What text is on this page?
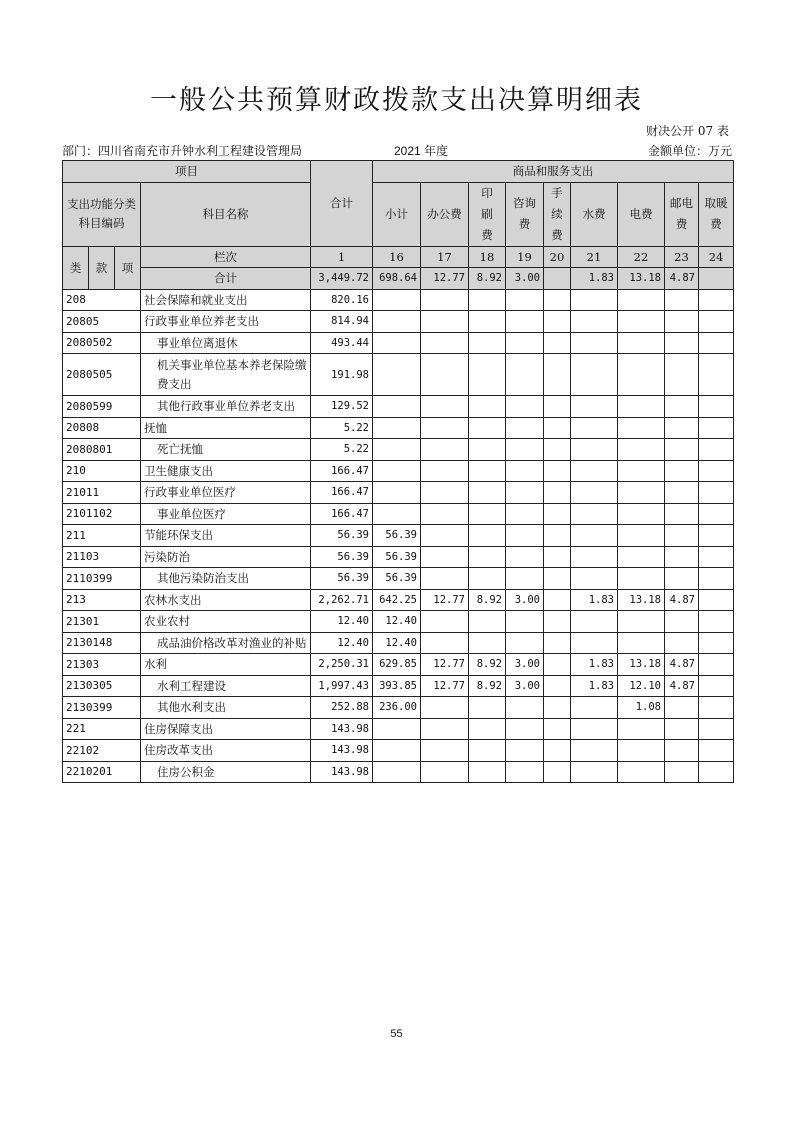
一般公共预算财政拨款支出决算明细表
财决公开 07 表
部门：四川省南充市升钟水利工程建设管理局	2021 年度	金额单位：万元
项目				合计	商品和服务支出								
支出功能分类
科目编码			科目名称		小计	办公费	印刷费	咨询费	手续费	水费	电费	邮电费	取暖费

类	款	项	栏次	1	16	17	18	19	20	21	22	23	24
			合计	3,449.72	698.64	12.77	8.92	3.00		1.83	13.18	4.87	
208			社会保障和就业支出	820.16									
20805			行政事业单位养老支出	814.94									
2080502			事业单位离退休	493.44									
2080505			机关事业单位基本养老保险缴费支出	191.98									
2080599			其他行政事业单位养老支出	129.52									
20808			抚恤	5.22									
2080801			死亡抚恤	5.22									
210			卫生健康支出	166.47									
21011			行政事业单位医疗	166.47									
2101102			事业单位医疗	166.47									
211			节能环保支出	56.39	56.39								
21103			污染防治	56.39	56.39								
2110399			其他污染防治支出	56.39	56.39								
213			农林水支出	2,262.71	642.25	12.77	8.92	3.00		1.83	13.18	4.87	
21301			农业农村	12.40	12.40								
2130148			成品油价格改革对渔业的补贴	12.40	12.40								
21303			水利	2,250.31	629.85	12.77	8.92	3.00		1.83	13.18	4.87	
2130305			水利工程建设	1,997.43	393.85	12.77	8.92	3.00		1.83	12.10	4.87	
2130399			其他水利支出	252.88	236.00						1.08		
221			住房保障支出	143.98									
22102			住房改革支出	143.98									
2210201			住房公积金	143.98									
55
